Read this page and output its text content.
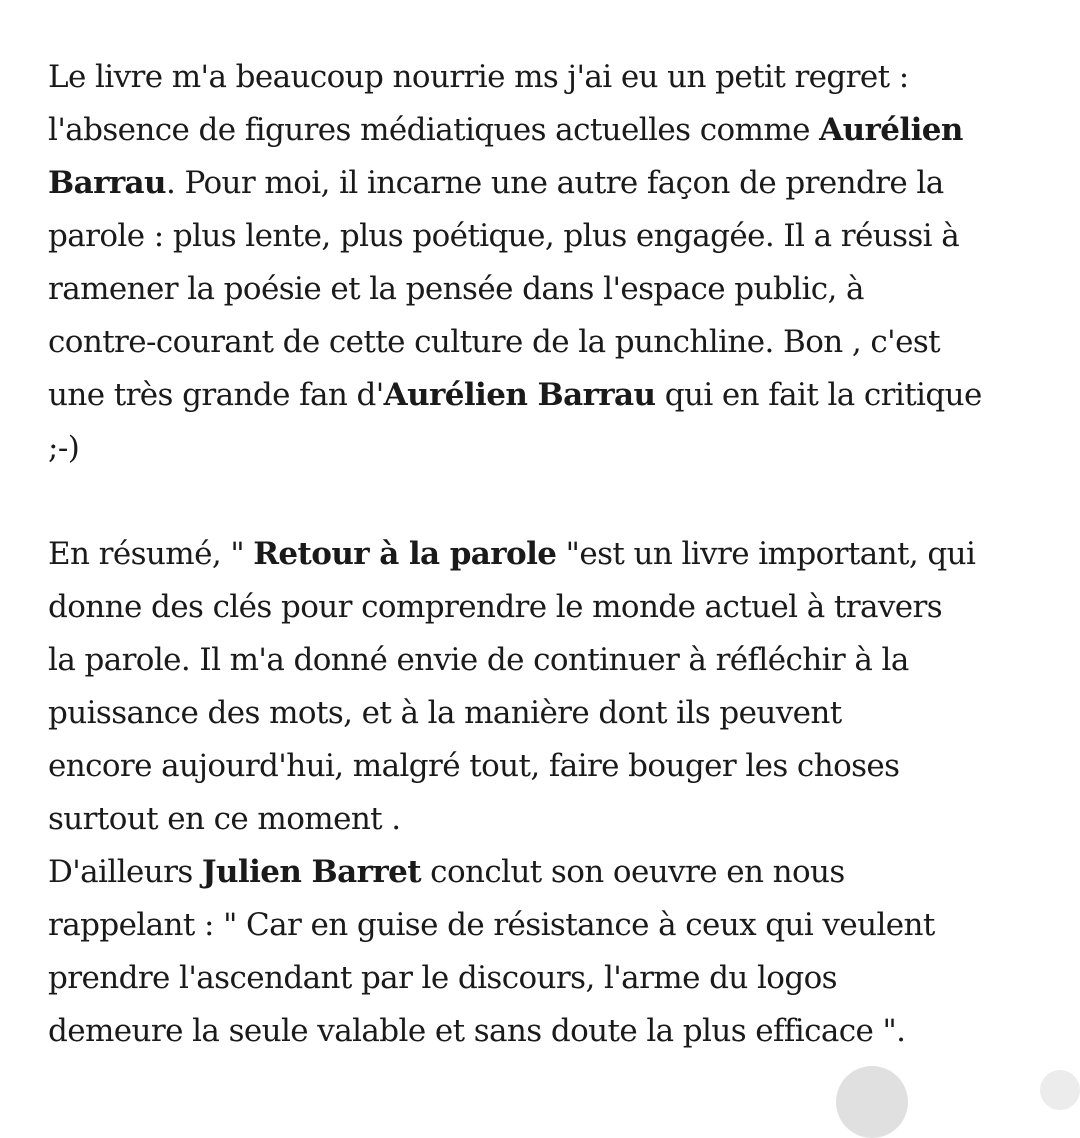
Le livre m'a beaucoup nourrie ms j'ai eu un petit regret :
l'absence de figures médiatiques actuelles comme Aurélien
Barrau. Pour moi, il incarne une autre façon de prendre la
parole : plus lente, plus poétique, plus engagée. Il a réussi à
ramener la poésie et la pensée dans l'espace public, à
contre-courant de cette culture de la punchline. Bon , c'est
une très grande fan d'Aurélien Barrau qui en fait la critique
;-)
En résumé, " Retour à la parole "est un livre important, qui
donne des clés pour comprendre le monde actuel à travers
la parole. Il m'a donné envie de continuer à réfléchir à la
puissance des mots, et à la manière dont ils peuvent
encore aujourd'hui, malgré tout, faire bouger les choses
surtout en ce moment .
D'ailleurs Julien Barret conclut son oeuvre en nous
rappelant : " Car en guise de résistance à ceux qui veulent
prendre l'ascendant par le discours, l'arme du logos
demeure la seule valable et sans doute la plus efficace ".
